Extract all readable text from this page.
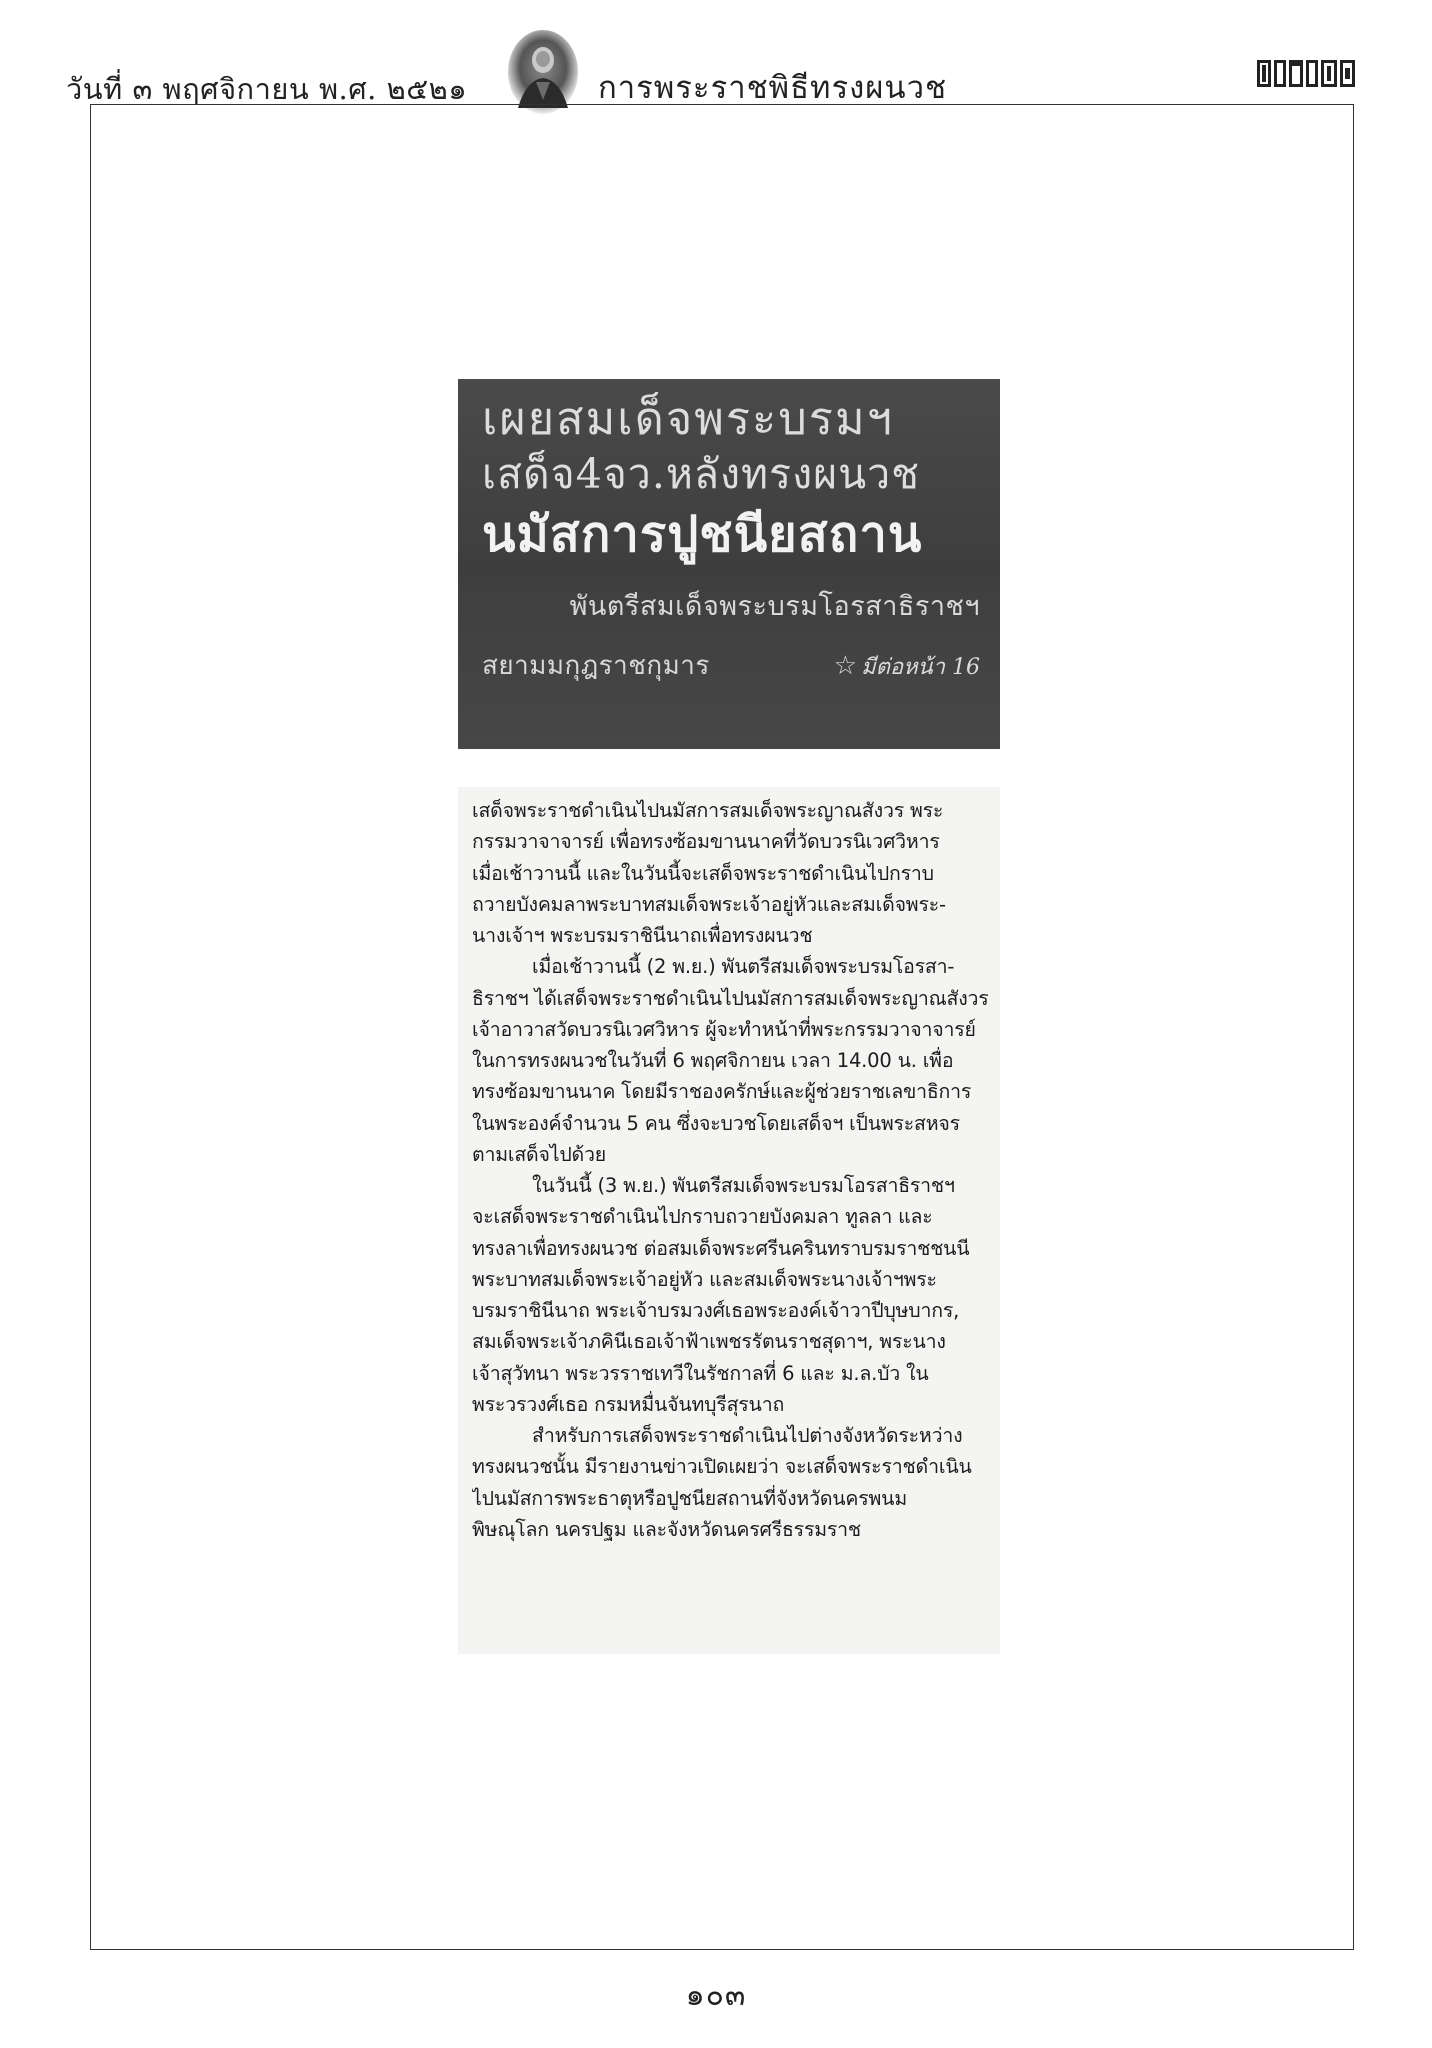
วันที่ ๓ พฤศจิกายน พ.ศ. ๒๕๒๑	การพระราชพิธีทรงผนวช
เผยสมเด็จพระบรมฯ
เสด็จ4จว.หลังทรงผนวช
นมัสการปูชนียสถาน
พันตรีสมเด็จพระบรมโอรสาธิราชฯ
สยามมกุฎราชกุมาร	☆ มีต่อหน้า 16
เสด็จพระราชดำเนินไปนมัสการสมเด็จพระญาณสังวร พระ
กรรมวาจาจารย์ เพื่อทรงซ้อมขานนาคที่วัดบวรนิเวศวิหาร
เมื่อเช้าวานนี้ และในวันนี้จะเสด็จพระราชดำเนินไปกราบ
ถวายบังคมลาพระบาทสมเด็จพระเจ้าอยู่หัวและสมเด็จพระ-
นางเจ้าฯ พระบรมราชินีนาถเพื่อทรงผนวช
เมื่อเช้าวานนี้ (2 พ.ย.) พันตรีสมเด็จพระบรมโอรสา-
ธิราชฯ ได้เสด็จพระราชดำเนินไปนมัสการสมเด็จพระญาณสังวร
เจ้าอาวาสวัดบวรนิเวศวิหาร ผู้จะทำหน้าที่พระกรรมวาจาจารย์
ในการทรงผนวชในวันที่ 6 พฤศจิกายน เวลา 14.00 น. เพื่อ
ทรงซ้อมขานนาค โดยมีราชองครักษ์และผู้ช่วยราชเลขาธิการ
ในพระองค์จำนวน 5 คน ซึ่งจะบวชโดยเสด็จฯ เป็นพระสหจร
ตามเสด็จไปด้วย
ในวันนี้ (3 พ.ย.) พันตรีสมเด็จพระบรมโอรสาธิราชฯ
จะเสด็จพระราชดำเนินไปกราบถวายบังคมลา ทูลลา และ
ทรงลาเพื่อทรงผนวช ต่อสมเด็จพระศรีนครินทราบรมราชชนนี
พระบาทสมเด็จพระเจ้าอยู่หัว และสมเด็จพระนางเจ้าฯพระ
บรมราชินีนาถ พระเจ้าบรมวงศ์เธอพระองค์เจ้าวาปีบุษบากร,
สมเด็จพระเจ้าภคินีเธอเจ้าฟ้าเพชรรัตนราชสุดาฯ, พระนาง
เจ้าสุวัทนา พระวรราชเทวีในรัชกาลที่ 6 และ ม.ล.บัว ใน
พระวรวงศ์เธอ กรมหมื่นจันทบุรีสุรนาถ
สำหรับการเสด็จพระราชดำเนินไปต่างจังหวัดระหว่าง
ทรงผนวชนั้น มีรายงานข่าวเปิดเผยว่า จะเสด็จพระราชดำเนิน
ไปนมัสการพระธาตุหรือปูชนียสถานที่จังหวัดนครพนม
พิษณุโลก นครปฐม และจังหวัดนครศรีธรรมราช
๑๐๓
